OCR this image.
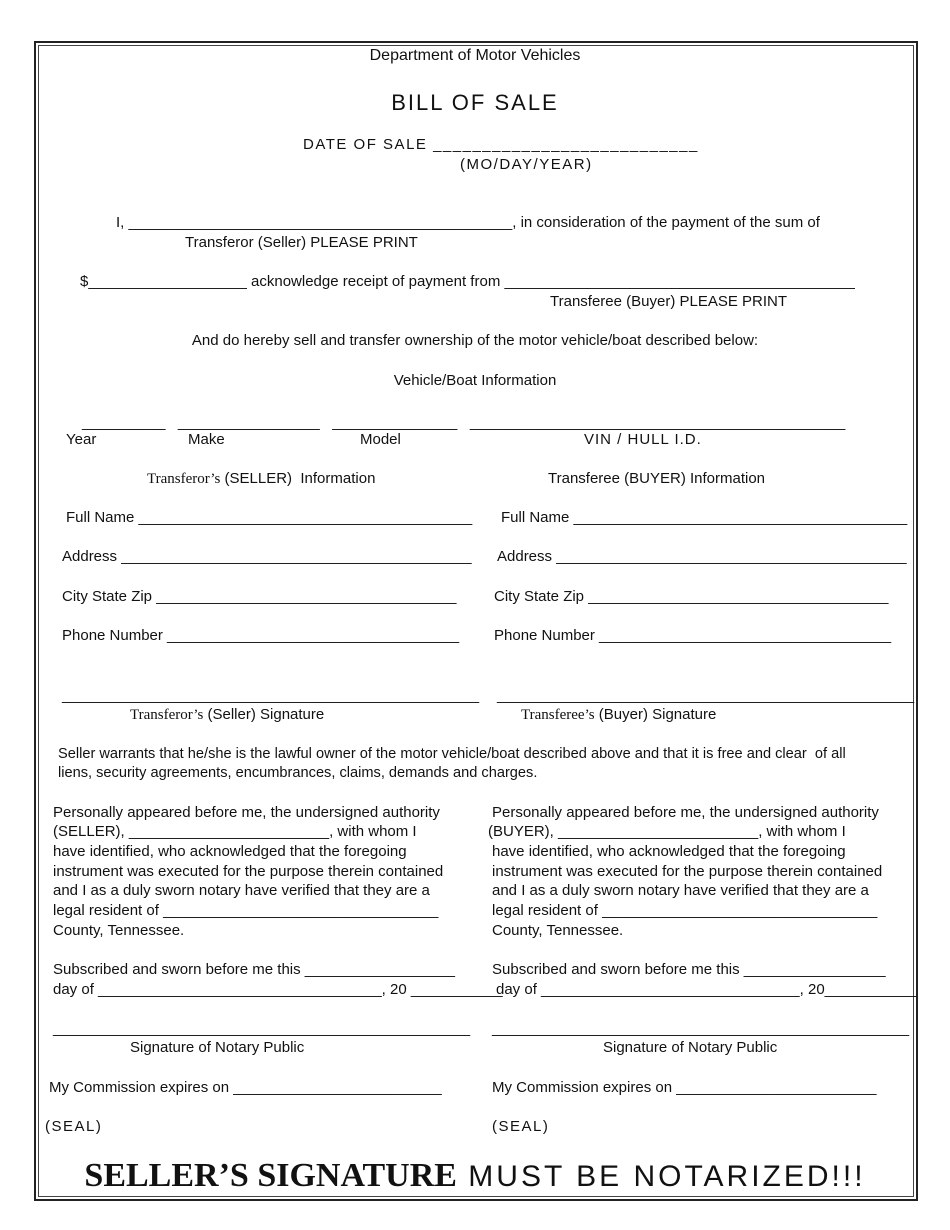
Department of Motor Vehicles
BILL OF SALE
DATE OF SALE ___________________________
(MO/DAY/YEAR)
I, ______________________________________________, in consideration of the payment of the sum of
Transferor (Seller) PLEASE PRINT
$___________________ acknowledge receipt of payment from __________________________________________
Transferee (Buyer) PLEASE PRINT
And do hereby sell and transfer ownership of the motor vehicle/boat described below:
Vehicle/Boat Information
__________   _________________   _______________   _____________________________________________
Year	Make	Model	VIN / HULL I.D.
Transferor’s (SELLER)  Information	Transferee (BUYER) Information
Full Name ________________________________________
Address __________________________________________
City State Zip ____________________________________
Phone Number ___________________________________
Full Name ________________________________________
Address __________________________________________
City State Zip ____________________________________
Phone Number ___________________________________
__________________________________________________
Transferor’s (Seller) Signature
__________________________________________________
Transferee’s (Buyer) Signature
Seller warrants that he/she is the lawful owner of the motor vehicle/boat described above and that it is free and clear  of all
liens, security agreements, encumbrances, claims, demands and charges.
Personally appeared before me, the undersigned authority
(SELLER), ________________________, with whom I
have identified, who acknowledged that the foregoing
instrument was executed for the purpose therein contained
and I as a duly sworn notary have verified that they are a
legal resident of _________________________________
County, Tennessee.
Subscribed and sworn before me this __________________
day of __________________________________, 20 ___________
__________________________________________________
Signature of Notary Public
My Commission expires on _________________________
(SEAL)
Personally appeared before me, the undersigned authority
(BUYER), ________________________, with whom I
have identified, who acknowledged that the foregoing
instrument was executed for the purpose therein contained
and I as a duly sworn notary have verified that they are a
legal resident of _________________________________
County, Tennessee.
Subscribed and sworn before me this _________________
day of _______________________________, 20___________
__________________________________________________
Signature of Notary Public
My Commission expires on ________________________
(SEAL)
SELLER’S SIGNATURE MUST BE NOTARIZED!!!
